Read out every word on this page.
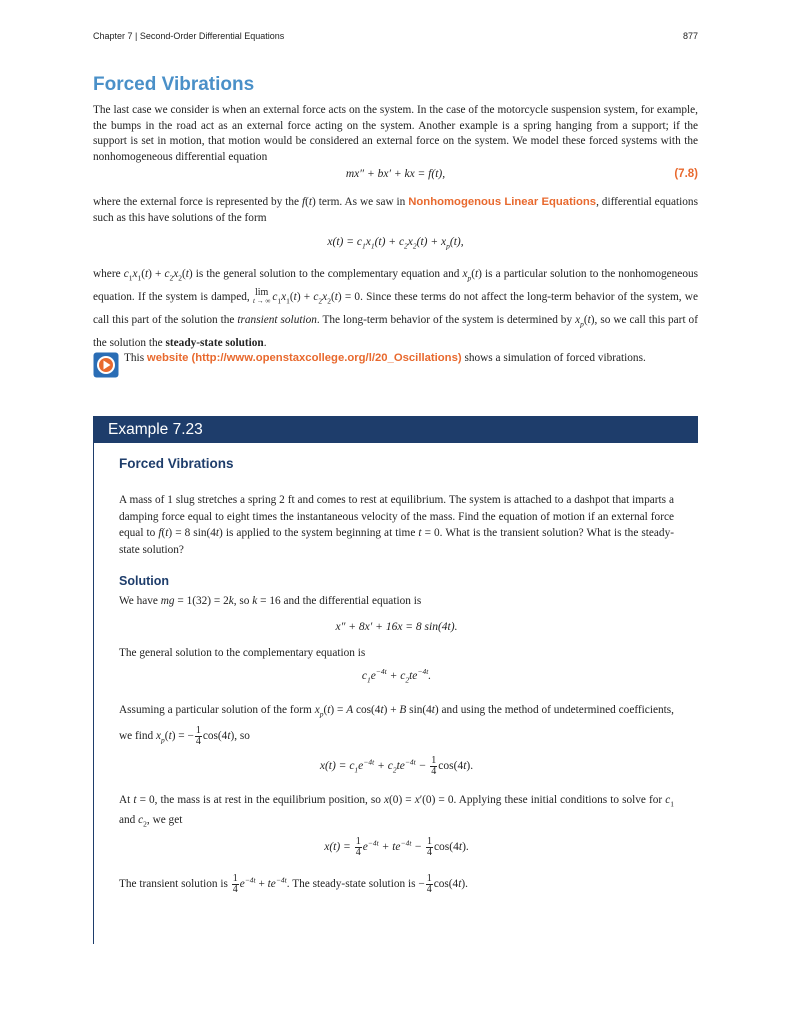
Chapter 7 | Second-Order Differential Equations	877
Forced Vibrations

The last case we consider is when an external force acts on the system. In the case of the motorcycle suspension system, for example, the bumps in the road act as an external force acting on the system. Another example is a spring hanging from a support; if the support is set in motion, that motion would be considered an external force on the system. We model these forced systems with the nonhomogeneous differential equation

mx″ + bx′ + kx = f(t),	(7.8)

where the external force is represented by the f(t) term. As we saw in Nonhomogenous Linear Equations, differential equations such as this have solutions of the form

$x(t) = c_1x_1(t) + c_2x_2(t) + x_p(t)$,

where $c_1x_1(t) + c_2x_2(t)$ is the general solution to the complementary equation and $x_p(t)$ is a particular solution to the nonhomogeneous equation. If the system is damped, lim
t → ∞ $c_1x_1(t) + c_2x_2(t) = 0$. Since these terms do not affect the long-term behavior of the system, we call this part of the solution the transient solution. The long-term behavior of the system is determined by $x_p(t)$, so we call this part of the solution the steady-state solution.

This website (http://www.openstaxcollege.org/l/20_Oscillations) shows a simulation of forced vibrations.

Example 7.23
Forced Vibrations

A mass of 1 slug stretches a spring 2 ft and comes to rest at equilibrium. The system is attached to a dashpot that imparts a damping force equal to eight times the instantaneous velocity of the mass. Find the equation of motion if an external force equal to f(t) = 8 sin(4t) is applied to the system beginning at time t = 0. What is the transient solution? What is the steady-state solution?

Solution

We have mg = 1(32) = 2k, so k = 16 and the differential equation is

x″ + 8x′ + 16x = 8 sin(4t).

The general solution to the complementary equation is

$c_1e^{-4t} + c_2te^{-4t}$.

Assuming a particular solution of the form $x_p(t) = A$ cos(4t) + B sin(4t) and using the method of undetermined coefficients, we find $x_p(t)$ = − $\frac{1}{4} \cos(4t)$, so

$x(t) = c_1e^{-4t} + c_2te^{-4t} - \frac{1}{4} \cos(4t)$.

At t = 0, the mass is at rest in the equilibrium position, so x(0) = x′(0) = 0. Applying these initial conditions to solve for $c_1$ and $c_2$, we get

$x(t) = \frac{1}{4} e^{-4t} + te^{-4t} - \frac{1}{4} \cos(4t)$.

The transient solution is $\frac{1}{4} e^{-4t} + te^{-4t}$. The steady-state solution is − $\frac{1}{4} \cos(4t)$.
